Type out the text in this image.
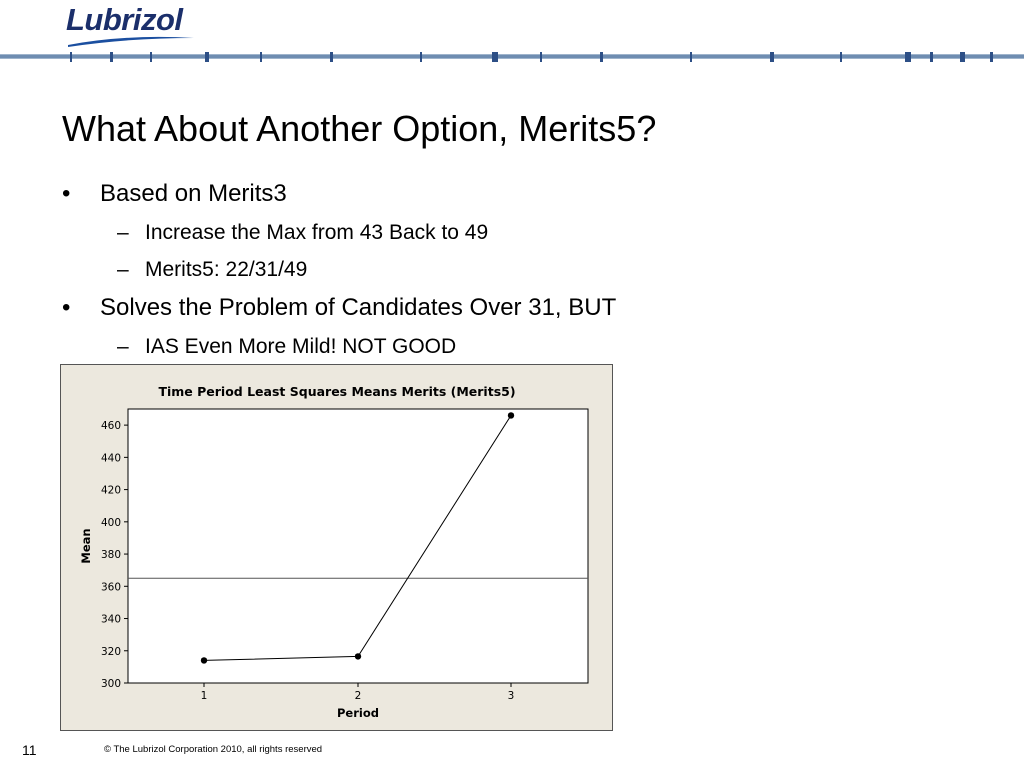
Lubrizol
What About Another Option, Merits5?
• Based on Merits3
– Increase the Max from 43 Back to 49
– Merits5: 22/31/49
• Solves the Problem of Candidates Over 31, BUT
– IAS Even More Mild! NOT GOOD
Time Period Least Squares Means Merits (Merits5)
300
320
340
360
380
400
420
440
460
1	2	3
Period
Mean
11	© The Lubrizol Corporation 2010, all rights reserved
